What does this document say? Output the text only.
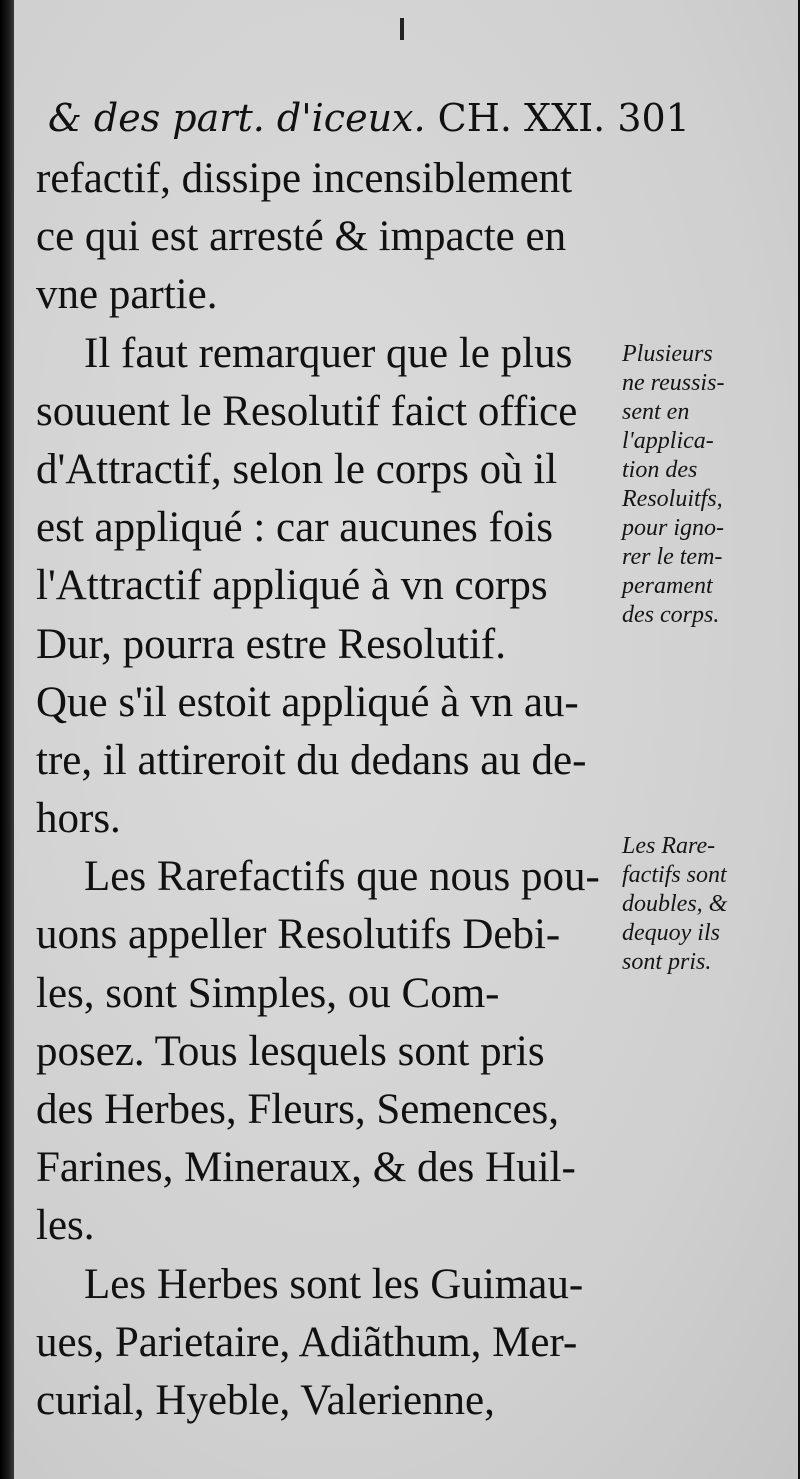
& des part. d'iceux. CH. XXI. 301
refactif, dissipe incensiblement
ce qui est arresté & impacte en
vne partie.
Il faut remarquer que le plus
souuent le Resolutif faict office
d'Attractif, selon le corps où il
est appliqué : car aucunes fois
l'Attractif appliqué à vn corps
Dur, pourra estre Resolutif.
Que s'il estoit appliqué à vn au-
tre, il attireroit du dedans au de-
hors.
Les Rarefactifs que nous pou-
uons appeller Resolutifs Debi-
les, sont Simples, ou Com-
posez. Tous lesquels sont pris
des Herbes, Fleurs, Semences,
Farines, Mineraux, & des Huil-
les.
Les Herbes sont les Guimau-
ues, Parietaire, Adiãthum, Mer-
curial, Hyeble, Valerienne,
Plusieurs
ne reussis-
sent en
l'applica-
tion des
Resoluitfs,
pour igno-
rer le tem-
perament
des corps.
Les Rare-
factifs sont
doubles, &
dequoy ils
sont pris.
